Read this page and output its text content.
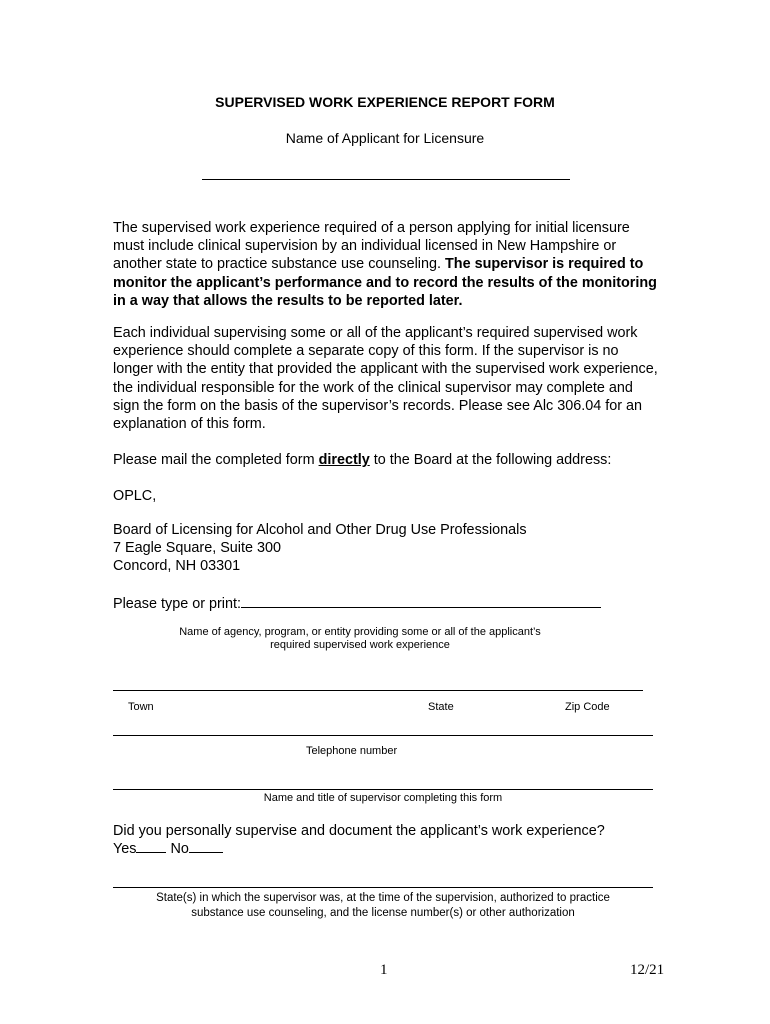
SUPERVISED WORK EXPERIENCE REPORT FORM
Name of Applicant for Licensure
The supervised work experience required of a person applying for initial licensure must include clinical supervision by an individual licensed in New Hampshire or another state to practice substance use counseling. The supervisor is required to monitor the applicant’s performance and to record the results of the monitoring in a way that allows the results to be reported later.
Each individual supervising some or all of the applicant’s required supervised work experience should complete a separate copy of this form. If the supervisor is no longer with the entity that provided the applicant with the supervised work experience, the individual responsible for the work of the clinical supervisor may complete and sign the form on the basis of the supervisor’s records. Please see Alc 306.04 for an explanation of this form.
Please mail the completed form directly to the Board at the following address:
OPLC,
Board of Licensing for Alcohol and Other Drug Use Professionals
7 Eagle Square, Suite 300
Concord, NH 03301
Please type or print:
Name of agency, program, or entity providing some or all of the applicant’s
required supervised work experience
Town	State	Zip Code
Telephone number
Name and title of supervisor completing this form
Did you personally supervise and document the applicant’s work experience?
Yes No
State(s) in which the supervisor was, at the time of the supervision, authorized to practice
substance use counseling, and the license number(s) or other authorization
1	12/21
